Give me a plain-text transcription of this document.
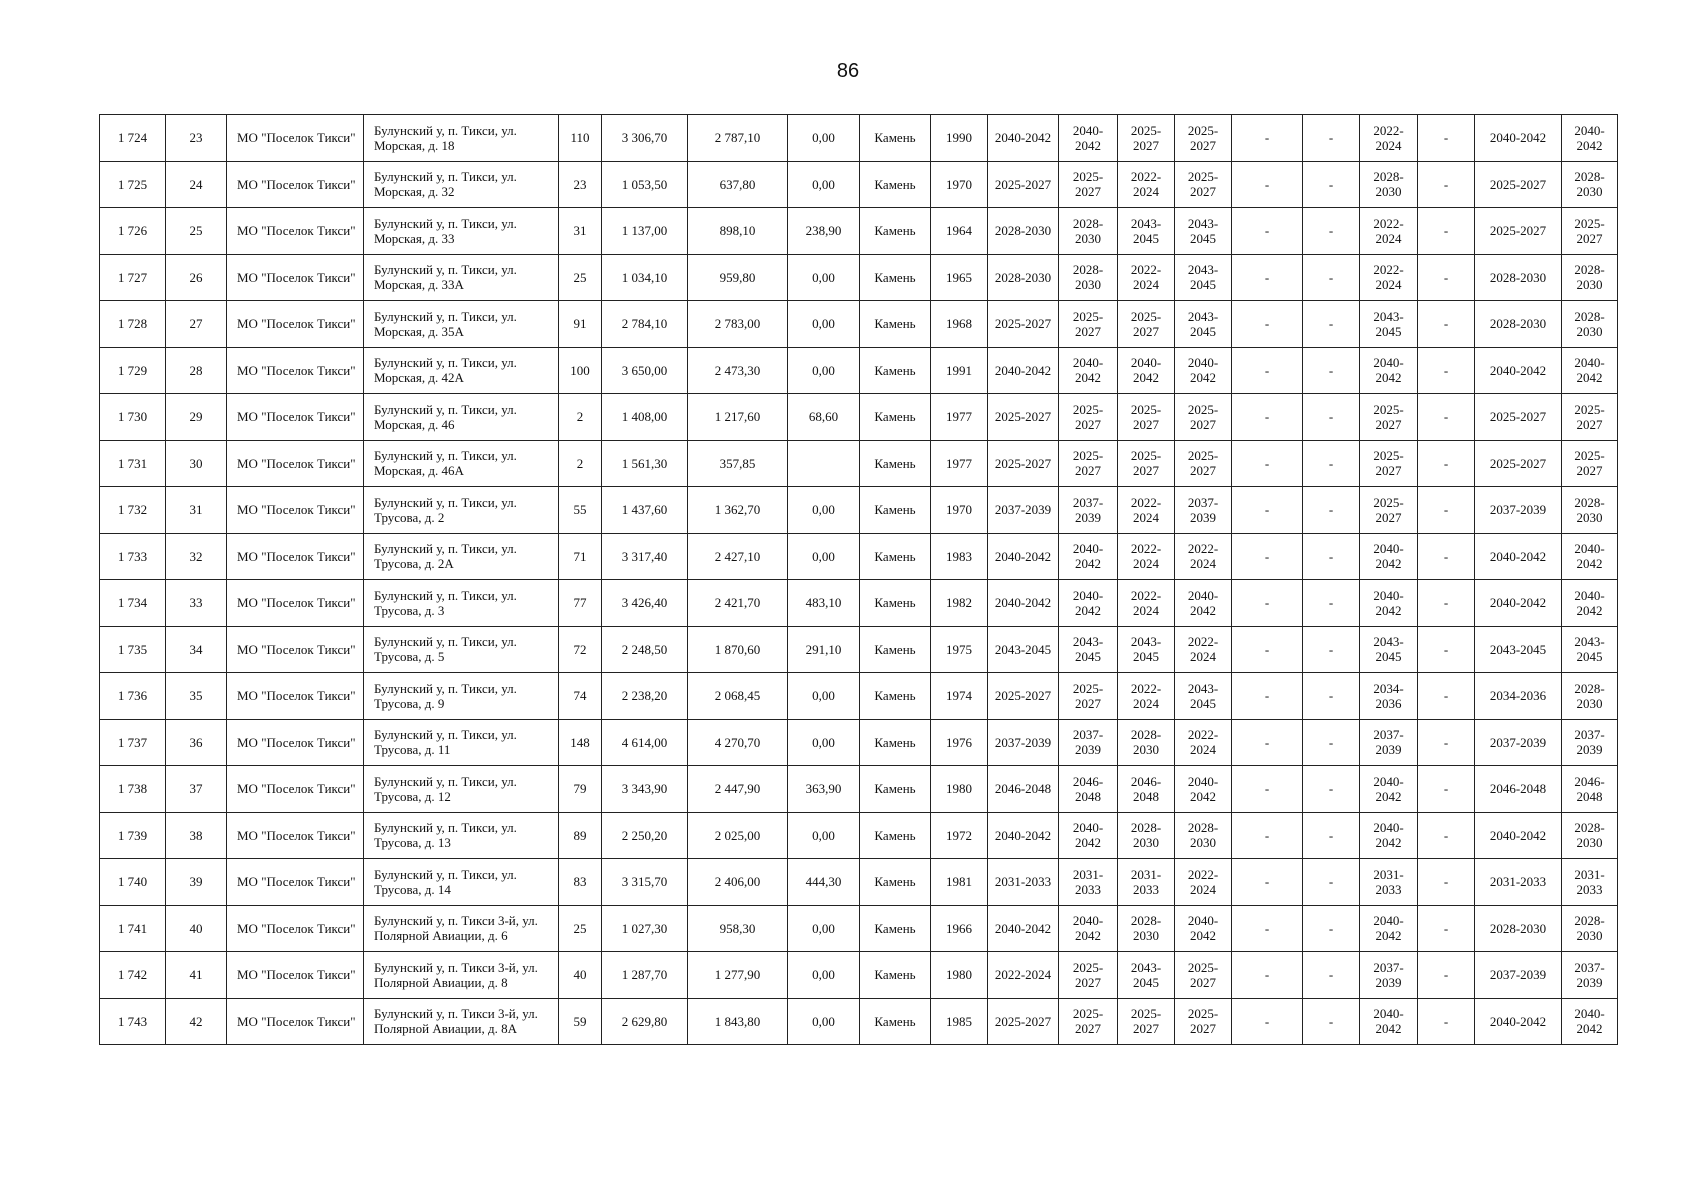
86
1 724	23	МО "Поселок Тикси"	Булунский у, п. Тикси, ул. Морская, д. 18	110	3 306,70	2 787,10	0,00	Камень	1990	2040-2042	2040-2042	2025-2027	2025-2027	-	-	2022-2024	-	2040-2042	2040-2042
1 725	24	МО "Поселок Тикси"	Булунский у, п. Тикси, ул. Морская, д. 32	23	1 053,50	637,80	0,00	Камень	1970	2025-2027	2025-2027	2022-2024	2025-2027	-	-	2028-2030	-	2025-2027	2028-2030
1 726	25	МО "Поселок Тикси"	Булунский у, п. Тикси, ул. Морская, д. 33	31	1 137,00	898,10	238,90	Камень	1964	2028-2030	2028-2030	2043-2045	2043-2045	-	-	2022-2024	-	2025-2027	2025-2027
1 727	26	МО "Поселок Тикси"	Булунский у, п. Тикси, ул. Морская, д. 33А	25	1 034,10	959,80	0,00	Камень	1965	2028-2030	2028-2030	2022-2024	2043-2045	-	-	2022-2024	-	2028-2030	2028-2030
1 728	27	МО "Поселок Тикси"	Булунский у, п. Тикси, ул. Морская, д. 35А	91	2 784,10	2 783,00	0,00	Камень	1968	2025-2027	2025-2027	2025-2027	2043-2045	-	-	2043-2045	-	2028-2030	2028-2030
1 729	28	МО "Поселок Тикси"	Булунский у, п. Тикси, ул. Морская, д. 42А	100	3 650,00	2 473,30	0,00	Камень	1991	2040-2042	2040-2042	2040-2042	2040-2042	-	-	2040-2042	-	2040-2042	2040-2042
1 730	29	МО "Поселок Тикси"	Булунский у, п. Тикси, ул. Морская, д. 46	2	1 408,00	1 217,60	68,60	Камень	1977	2025-2027	2025-2027	2025-2027	2025-2027	-	-	2025-2027	-	2025-2027	2025-2027
1 731	30	МО "Поселок Тикси"	Булунский у, п. Тикси, ул. Морская, д. 46А	2	1 561,30	357,85		Камень	1977	2025-2027	2025-2027	2025-2027	2025-2027	-	-	2025-2027	-	2025-2027	2025-2027
1 732	31	МО "Поселок Тикси"	Булунский у, п. Тикси, ул. Трусова, д. 2	55	1 437,60	1 362,70	0,00	Камень	1970	2037-2039	2037-2039	2022-2024	2037-2039	-	-	2025-2027	-	2037-2039	2028-2030
1 733	32	МО "Поселок Тикси"	Булунский у, п. Тикси, ул. Трусова, д. 2А	71	3 317,40	2 427,10	0,00	Камень	1983	2040-2042	2040-2042	2022-2024	2022-2024	-	-	2040-2042	-	2040-2042	2040-2042
1 734	33	МО "Поселок Тикси"	Булунский у, п. Тикси, ул. Трусова, д. 3	77	3 426,40	2 421,70	483,10	Камень	1982	2040-2042	2040-2042	2022-2024	2040-2042	-	-	2040-2042	-	2040-2042	2040-2042
1 735	34	МО "Поселок Тикси"	Булунский у, п. Тикси, ул. Трусова, д. 5	72	2 248,50	1 870,60	291,10	Камень	1975	2043-2045	2043-2045	2043-2045	2022-2024	-	-	2043-2045	-	2043-2045	2043-2045
1 736	35	МО "Поселок Тикси"	Булунский у, п. Тикси, ул. Трусова, д. 9	74	2 238,20	2 068,45	0,00	Камень	1974	2025-2027	2025-2027	2022-2024	2043-2045	-	-	2034-2036	-	2034-2036	2028-2030
1 737	36	МО "Поселок Тикси"	Булунский у, п. Тикси, ул. Трусова, д. 11	148	4 614,00	4 270,70	0,00	Камень	1976	2037-2039	2037-2039	2028-2030	2022-2024	-	-	2037-2039	-	2037-2039	2037-2039
1 738	37	МО "Поселок Тикси"	Булунский у, п. Тикси, ул. Трусова, д. 12	79	3 343,90	2 447,90	363,90	Камень	1980	2046-2048	2046-2048	2046-2048	2040-2042	-	-	2040-2042	-	2046-2048	2046-2048
1 739	38	МО "Поселок Тикси"	Булунский у, п. Тикси, ул. Трусова, д. 13	89	2 250,20	2 025,00	0,00	Камень	1972	2040-2042	2040-2042	2028-2030	2028-2030	-	-	2040-2042	-	2040-2042	2028-2030
1 740	39	МО "Поселок Тикси"	Булунский у, п. Тикси, ул. Трусова, д. 14	83	3 315,70	2 406,00	444,30	Камень	1981	2031-2033	2031-2033	2031-2033	2022-2024	-	-	2031-2033	-	2031-2033	2031-2033
1 741	40	МО "Поселок Тикси"	Булунский у, п. Тикси 3-й, ул. Полярной Авиации, д. 6	25	1 027,30	958,30	0,00	Камень	1966	2040-2042	2040-2042	2028-2030	2040-2042	-	-	2040-2042	-	2028-2030	2028-2030
1 742	41	МО "Поселок Тикси"	Булунский у, п. Тикси 3-й, ул. Полярной Авиации, д. 8	40	1 287,70	1 277,90	0,00	Камень	1980	2022-2024	2025-2027	2043-2045	2025-2027	-	-	2037-2039	-	2037-2039	2037-2039
1 743	42	МО "Поселок Тикси"	Булунский у, п. Тикси 3-й, ул. Полярной Авиации, д. 8А	59	2 629,80	1 843,80	0,00	Камень	1985	2025-2027	2025-2027	2025-2027	2025-2027	-	-	2040-2042	-	2040-2042	2040-2042
